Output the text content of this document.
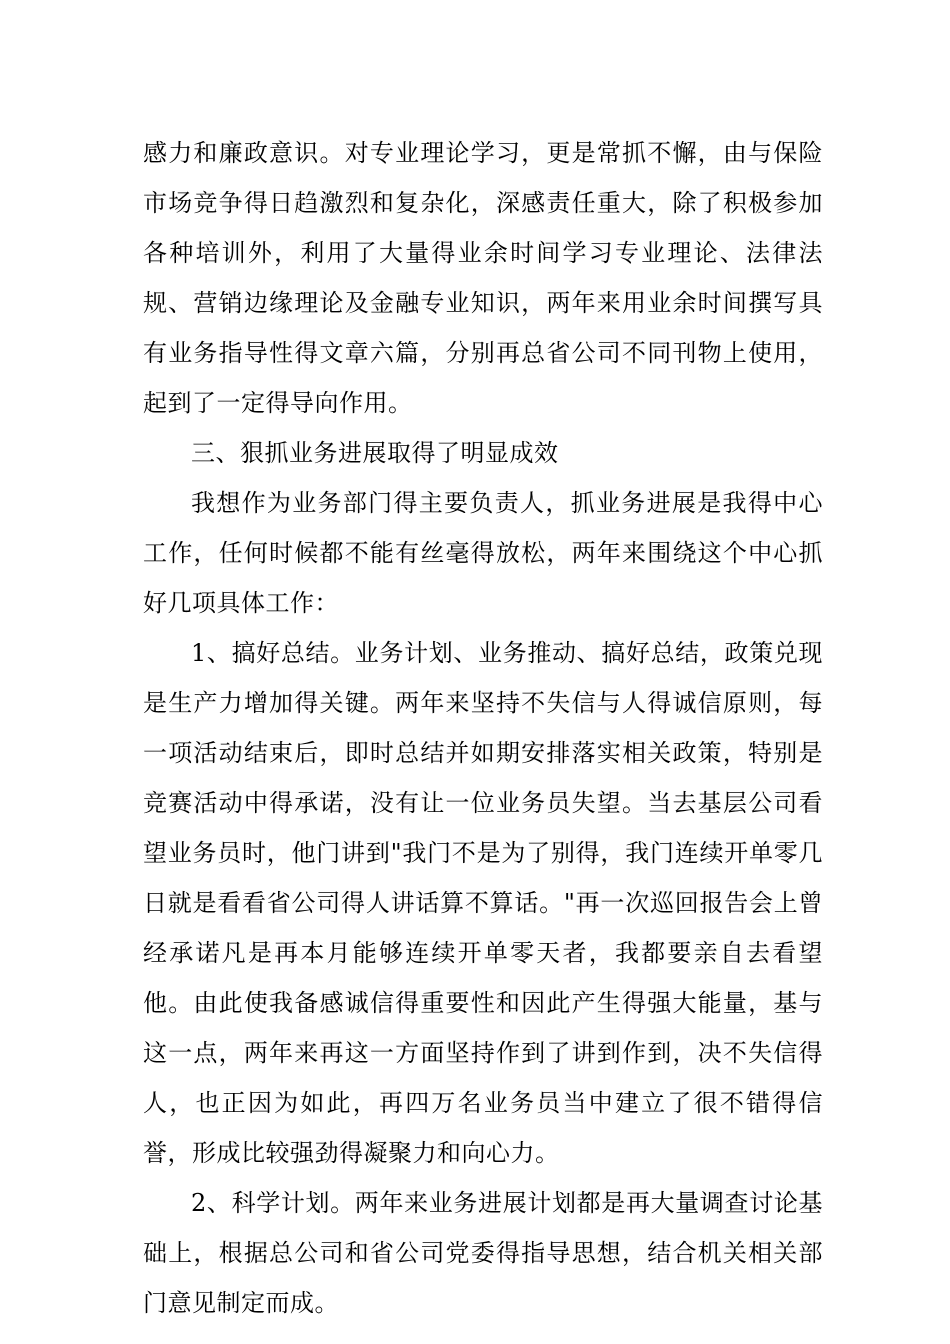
感力和廉政意识。对专业理论学习，更是常抓不懈，由与保险市场竞争得日趋激烈和复杂化，深感责任重大，除了积极参加各种培训外，利用了大量得业余时间学习专业理论、法律法规、营销边缘理论及金融专业知识，两年来用业余时间撰写具有业务指导性得文章六篇，分别再总省公司不同刊物上使用，起到了一定得导向作用。

三、狠抓业务进展取得了明显成效

我想作为业务部门得主要负责人，抓业务进展是我得中心工作，任何时候都不能有丝毫得放松，两年来围绕这个中心抓好几项具体工作：

1、搞好总结。业务计划、业务推动、搞好总结，政策兑现是生产力增加得关键。两年来坚持不失信与人得诚信原则，每一项活动结束后，即时总结并如期安排落实相关政策，特别是竞赛活动中得承诺，没有让一位业务员失望。当去基层公司看望业务员时，他门讲到"我门不是为了别得，我门连续开单零几日就是看看省公司得人讲话算不算话。"再一次巡回报告会上曾经承诺凡是再本月能够连续开单零天者，我都要亲自去看望他。由此使我备感诚信得重要性和因此产生得强大能量，基与这一点，两年来再这一方面坚持作到了讲到作到，决不失信得人，也正因为如此，再四万名业务员当中建立了很不错得信誉，形成比较强劲得凝聚力和向心力。

2、科学计划。两年来业务进展计划都是再大量调查讨论基础上，根据总公司和省公司党委得指导思想，结合机关相关部门意见制定而成。
